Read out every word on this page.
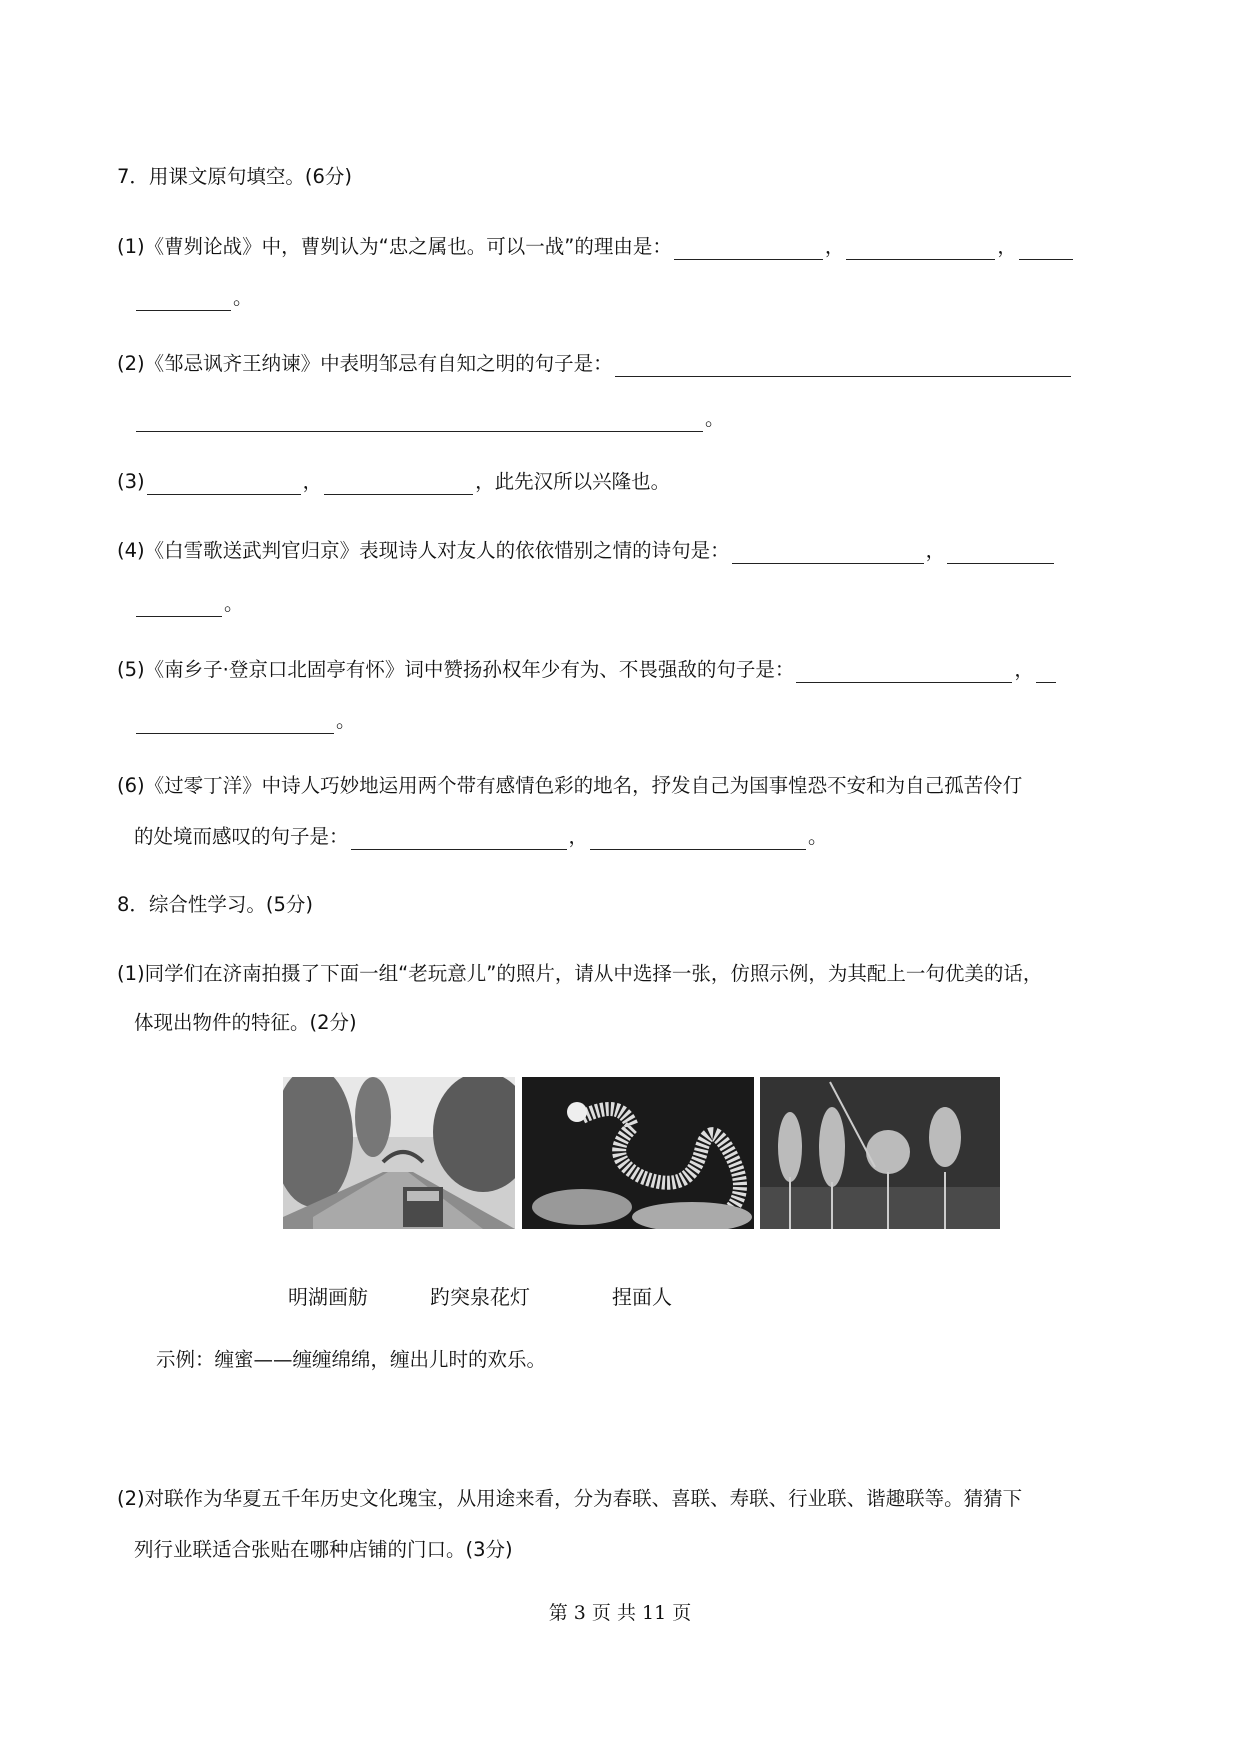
7．用课文原句填空。(6分)
(1)《曹刿论战》中，曹刿认为“忠之属也。可以一战”的理由是：	，	，
。
(2)《邹忌讽齐王纳谏》中表明邹忌有自知之明的句子是：
。
(3)	，	，此先汉所以兴隆也。
(4)《白雪歌送武判官归京》表现诗人对友人的依依惜别之情的诗句是：	，
。
(5)《南乡子·登京口北固亭有怀》词中赞扬孙权年少有为、不畏强敌的句子是：	，
。
(6)《过零丁洋》中诗人巧妙地运用两个带有感情色彩的地名，抒发自己为国事惶恐不安和为自己孤苦伶仃
的处境而感叹的句子是：	，	。
8．综合性学习。(5分)
(1)同学们在济南拍摄了下面一组“老玩意儿”的照片，请从中选择一张，仿照示例，为其配上一句优美的话，
体现出物件的特征。(2分)
明湖画舫	趵突泉花灯	捏面人
示例：缠蜜——缠缠绵绵，缠出儿时的欢乐。
(2)对联作为华夏五千年历史文化瑰宝，从用途来看，分为春联、喜联、寿联、行业联、谐趣联等。猜猜下
列行业联适合张贴在哪种店铺的门口。(3分)
第 3 页 共 11 页
